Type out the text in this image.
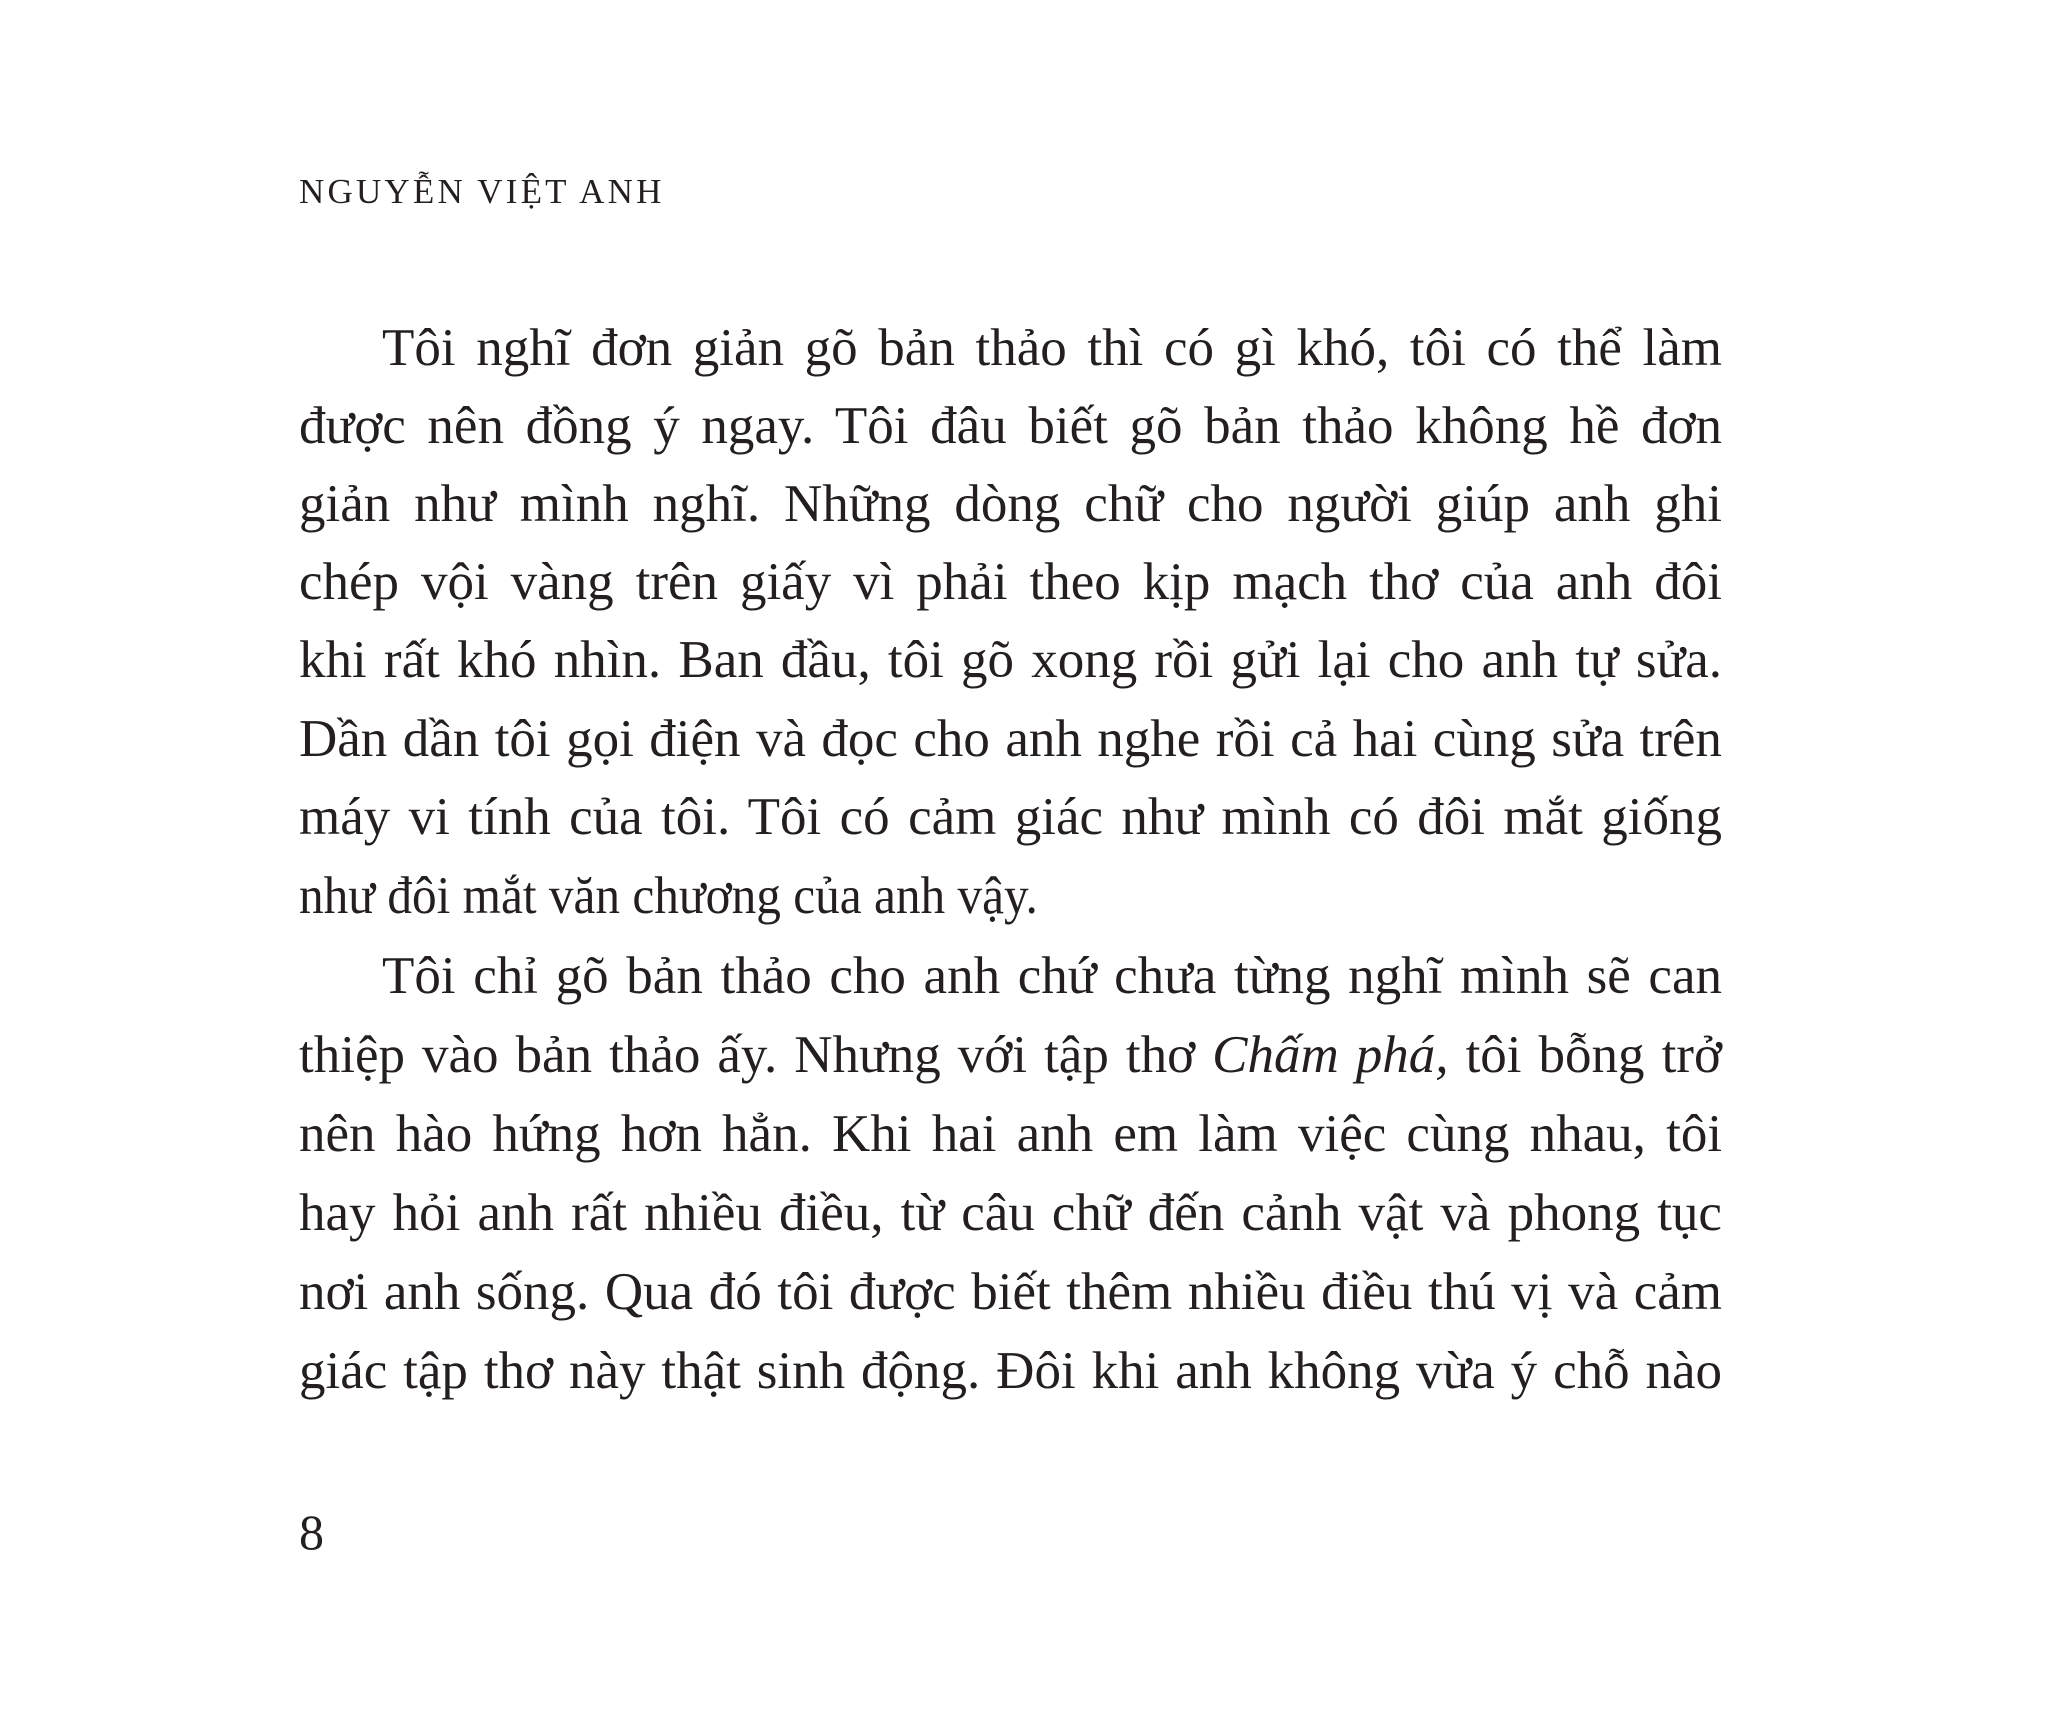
NGUYỄN VIỆT ANH
Tôi nghĩ đơn giản gõ bản thảo thì có gì khó, tôi có thể làm
được nên đồng ý ngay. Tôi đâu biết gõ bản thảo không hề đơn
giản như mình nghĩ. Những dòng chữ cho người giúp anh ghi
chép vội vàng trên giấy vì phải theo kịp mạch thơ của anh đôi
khi rất khó nhìn. Ban đầu, tôi gõ xong rồi gửi lại cho anh tự sửa.
Dần dần tôi gọi điện và đọc cho anh nghe rồi cả hai cùng sửa trên
máy vi tính của tôi. Tôi có cảm giác như mình có đôi mắt giống
như đôi mắt văn chương của anh vậy.
Tôi chỉ gõ bản thảo cho anh chứ chưa từng nghĩ mình sẽ can
thiệp vào bản thảo ấy. Nhưng với tập thơ Chấm phá, tôi bỗng trở
nên hào hứng hơn hẳn. Khi hai anh em làm việc cùng nhau, tôi
hay hỏi anh rất nhiều điều, từ câu chữ đến cảnh vật và phong tục
nơi anh sống. Qua đó tôi được biết thêm nhiều điều thú vị và cảm
giác tập thơ này thật sinh động. Đôi khi anh không vừa ý chỗ nào
8
